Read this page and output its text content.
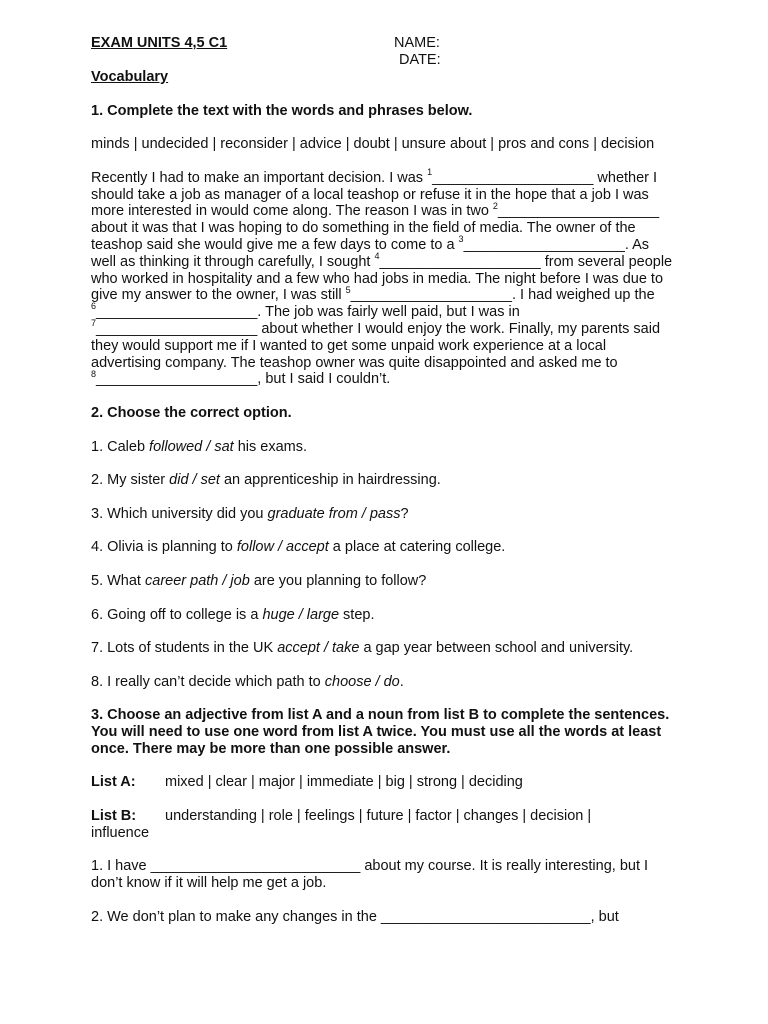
EXAM UNITS 4,5 C1	NAME:
DATE:

Vocabulary

1. Complete the text with the words and phrases below.

minds | undecided | reconsider | advice | doubt | unsure about | pros and cons | decision

Recently I had to make an important decision. I was $^1$____________________ whether I should take a job as manager of a local teashop or refuse it in the hope that a job I was more interested in would come along. The reason I was in two $^2$____________________ about it was that I was hoping to do something in the field of media. The owner of the teashop said she would give me a few days to come to a $^3$____________________. As well as thinking it through carefully, I sought $^4$____________________ from several people who worked in hospitality and a few who had jobs in media. The night before I was due to give my answer to the owner, I was still $^5$____________________. I had weighed up the $^6$____________________. The job was fairly well paid, but I was in $^7$____________________ about whether I would enjoy the work. Finally, my parents said they would support me if I wanted to get some unpaid work experience at a local advertising company. The teashop owner was quite disappointed and asked me to $^8$____________________, but I said I couldn’t.

2. Choose the correct option.

1. Caleb followed / sat his exams.

2. My sister did / set an apprenticeship in hairdressing.

3. Which university did you graduate from / pass?

4. Olivia is planning to follow / accept a place at catering college.

5. What career path / job are you planning to follow?

6. Going off to college is a huge / large step.

7. Lots of students in the UK accept / take a gap year between school and university.

8. I really can’t decide which path to choose / do.

3. Choose an adjective from list A and a noun from list B to complete the sentences. You will need to use one word from list A twice. You must use all the words at least once. There may be more than one possible answer.

List A:	mixed | clear | major | immediate | big | strong | deciding
List B:	understanding | role | feelings | future | factor | changes | decision |

influence

1. I have __________________________ about my course. It is really interesting, but I don’t know if it will help me get a job.

2. We don’t plan to make any changes in the __________________________, but
